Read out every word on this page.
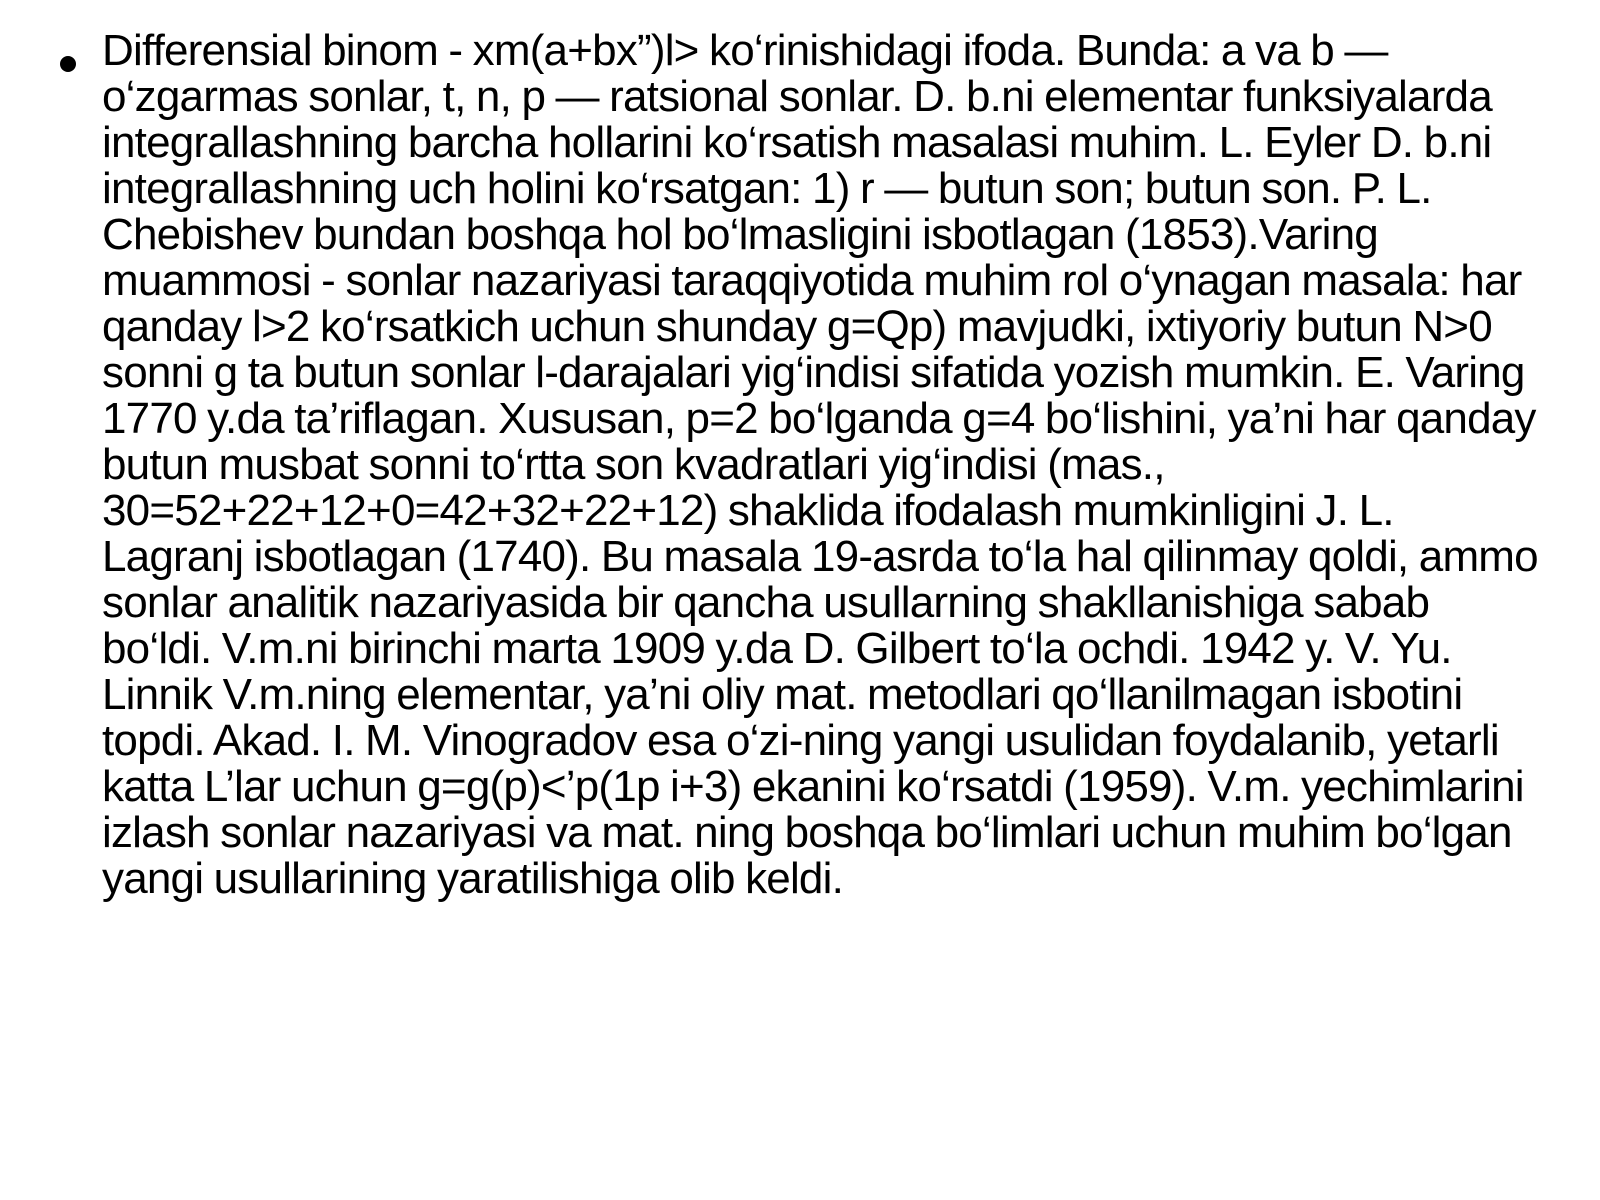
Differensial binom - xm(a+bx”)l> ko‘rinishidagi ifoda. Bunda: a va b — o‘zgarmas sonlar, t, n, p — ratsional sonlar. D. b.ni elementar funksiyalarda integrallashning barcha hollarini ko‘rsatish masalasi muhim. L. Eyler D. b.ni integrallashning uch holini ko‘rsatgan: 1) r — butun son; butun son. P. L. Chebishev bundan boshqa hol bo‘lmasligini isbotlagan (1853).Varing muammosi - sonlar nazariyasi taraqqiyotida muhim rol o‘ynagan masala: har qanday l>2 ko‘rsatkich uchun shunday g=Qp) mavjudki, ixtiyoriy butun N>0 sonni g ta butun sonlar l-darajalari yig‘indisi sifatida yozish mumkin. E. Varing 1770 y.da ta’riflagan. Xususan, p=2 bo‘lganda g=4 bo‘lishini, ya’ni har qanday butun musbat sonni to‘rtta son kvadratlari yig‘indisi (mas., 30=52+22+12+0=42+32+22+12) shaklida ifodalash mumkinligini J. L. Lagranj isbotlagan (1740). Bu masala 19-asrda to‘la hal qilinmay qoldi, ammo sonlar analitik nazariyasida bir qancha usullarning shakllanishiga sabab bo‘ldi. V.m.ni birinchi marta 1909 y.da D. Gilbert to‘la ochdi. 1942 y. V. Yu. Linnik V.m.ning elementar, ya’ni oliy mat. metodlari qo‘llanilmagan isbotini topdi. Akad. I. M. Vinogradov esa o‘zi-ning yangi usulidan foydalanib, yetarli katta L’lar uchun g=g(p)<’p(1p i+3) ekanini ko‘rsatdi (1959). V.m. yechimlarini izlash sonlar nazariyasi va mat. ning boshqa bo‘limlari uchun muhim bo‘lgan yangi usullarining yaratilishiga olib keldi.
